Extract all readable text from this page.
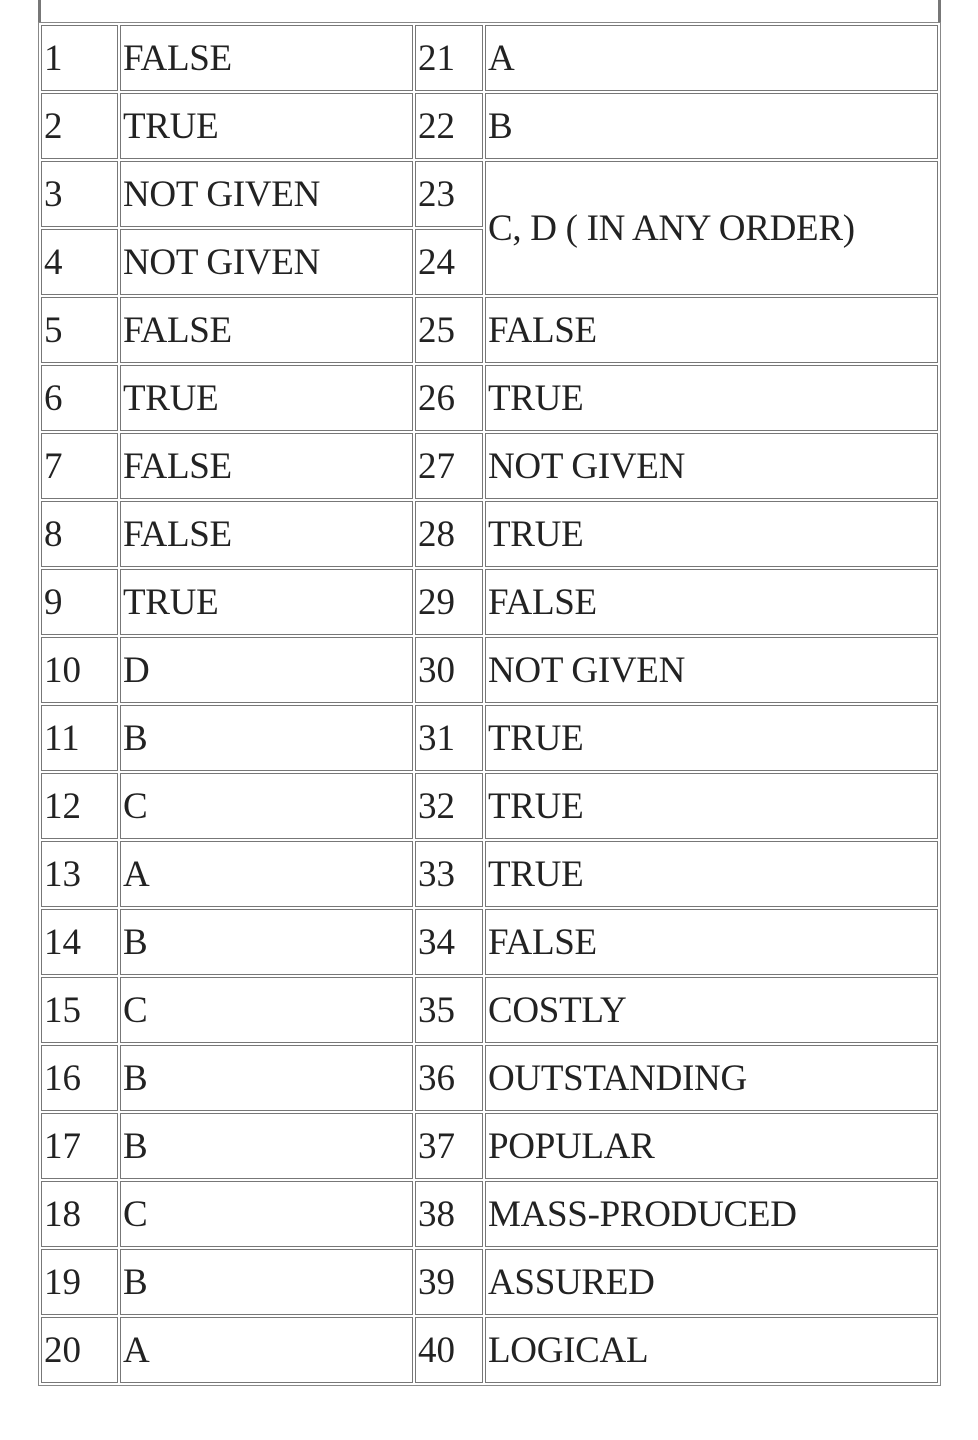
1	FALSE	21	A
2	TRUE	22	B
3	NOT GIVEN	23	C, D ( IN ANY ORDER)
4	NOT GIVEN	24	
5	FALSE	25	FALSE
6	TRUE	26	TRUE
7	FALSE	27	NOT GIVEN
8	FALSE	28	TRUE
9	TRUE	29	FALSE
10	D	30	NOT GIVEN
11	B	31	TRUE
12	C	32	TRUE
13	A	33	TRUE
14	B	34	FALSE
15	C	35	COSTLY
16	B	36	OUTSTANDING
17	B	37	POPULAR
18	C	38	MASS-PRODUCED
19	B	39	ASSURED
20	A	40	LOGICAL
